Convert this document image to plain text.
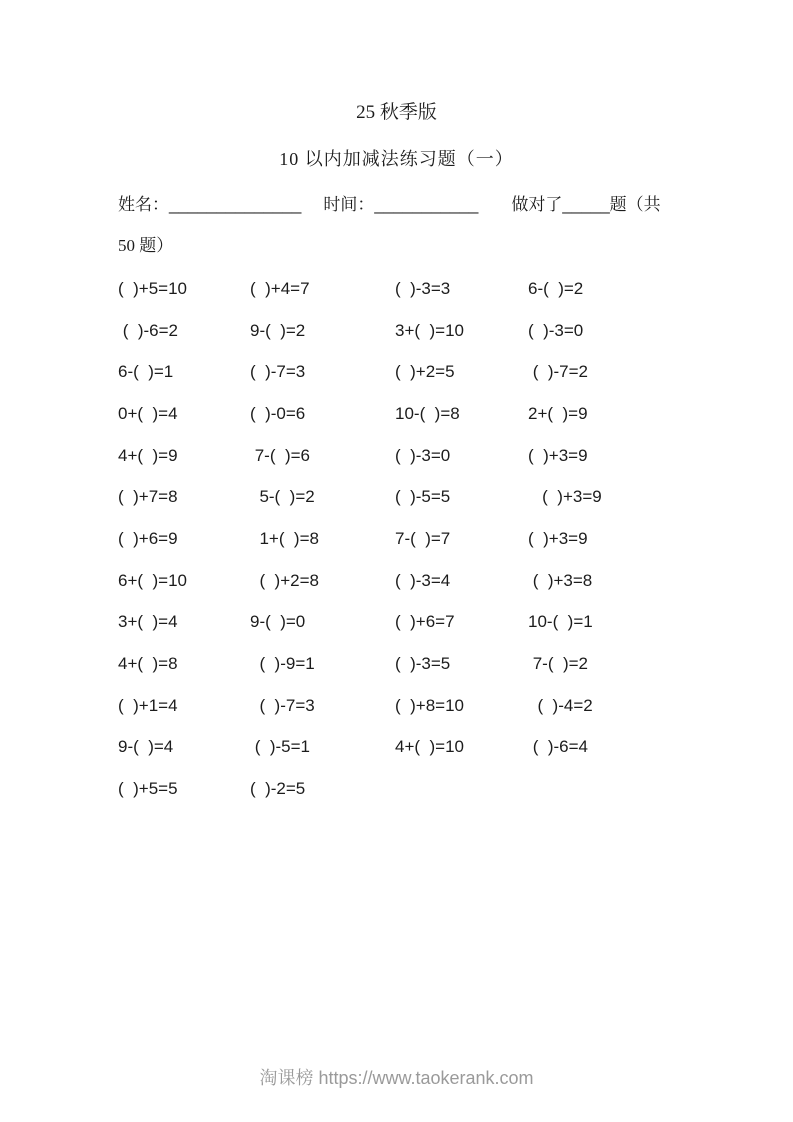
25 秋季版
10 以内加减法练习题（一）
姓名： ______________ 时间： ___________ 做对了 _____ 题（共
50 题）
(  )+5=10	(  )+4=7	(  )-3=3	6-(  )=2
(  )-6=2	9-(  )=2	3+(  )=10	(  )-3=0
6-(  )=1	(  )-7=3	(  )+2=5	(  )-7=2
0+(  )=4	(  )-0=6	10-(  )=8	2+(  )=9
4+(  )=9	7-(  )=6	(  )-3=0	(  )+3=9
(  )+7=8	5-(  )=2	(  )-5=5	(  )+3=9
(  )+6=9	1+(  )=8	7-(  )=7	(  )+3=9
6+(  )=10	(  )+2=8	(  )-3=4	(  )+3=8
3+(  )=4	9-(  )=0	(  )+6=7	10-(  )=1
4+(  )=8	(  )-9=1	(  )-3=5	7-(  )=2
(  )+1=4	(  )-7=3	(  )+8=10	(  )-4=2
9-(  )=4	(  )-5=1	4+(  )=10	(  )-6=4
(  )+5=5	(  )-2=5
淘课榜 https://www.taokerank.com
